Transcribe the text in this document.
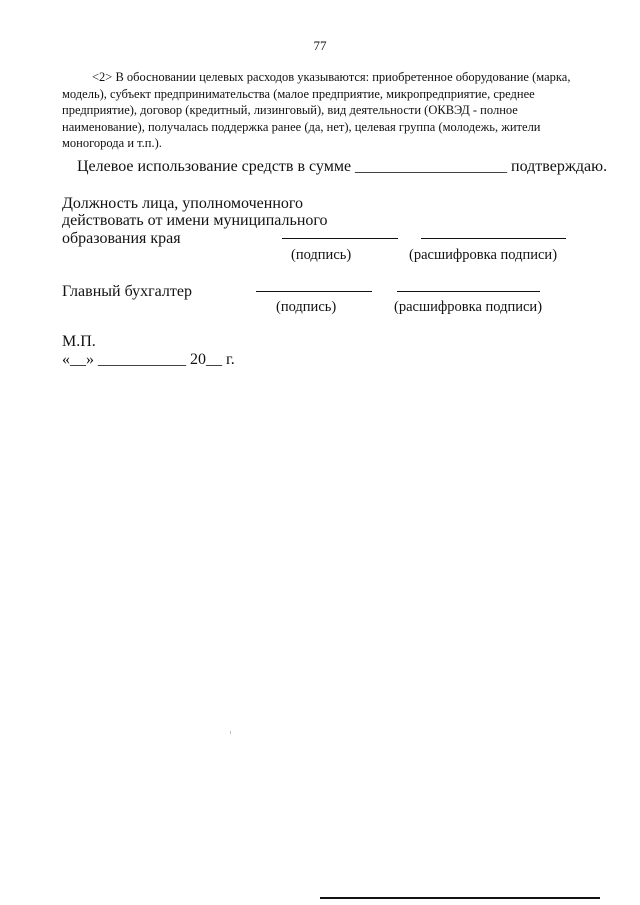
77
<2> В обосновании целевых расходов указываются: приобретенное оборудование (марка,
модель), субъект предпринимательства (малое предприятие, микропредприятие, среднее
предприятие), договор (кредитный, лизинговый), вид деятельности (ОКВЭД - полное
наименование), получалась поддержка ранее (да, нет), целевая группа (молодежь, жители
моногорода и т.п.).
Целевое использование средств в сумме ___________________ подтверждаю.
Должность лица, уполномоченного
действовать от имени муниципального
образования края
(подпись)	(расшифровка подписи)
Главный бухгалтер
(подпись)	(расшифровка подписи)
М.П.
«__» ___________ 20__ г.
